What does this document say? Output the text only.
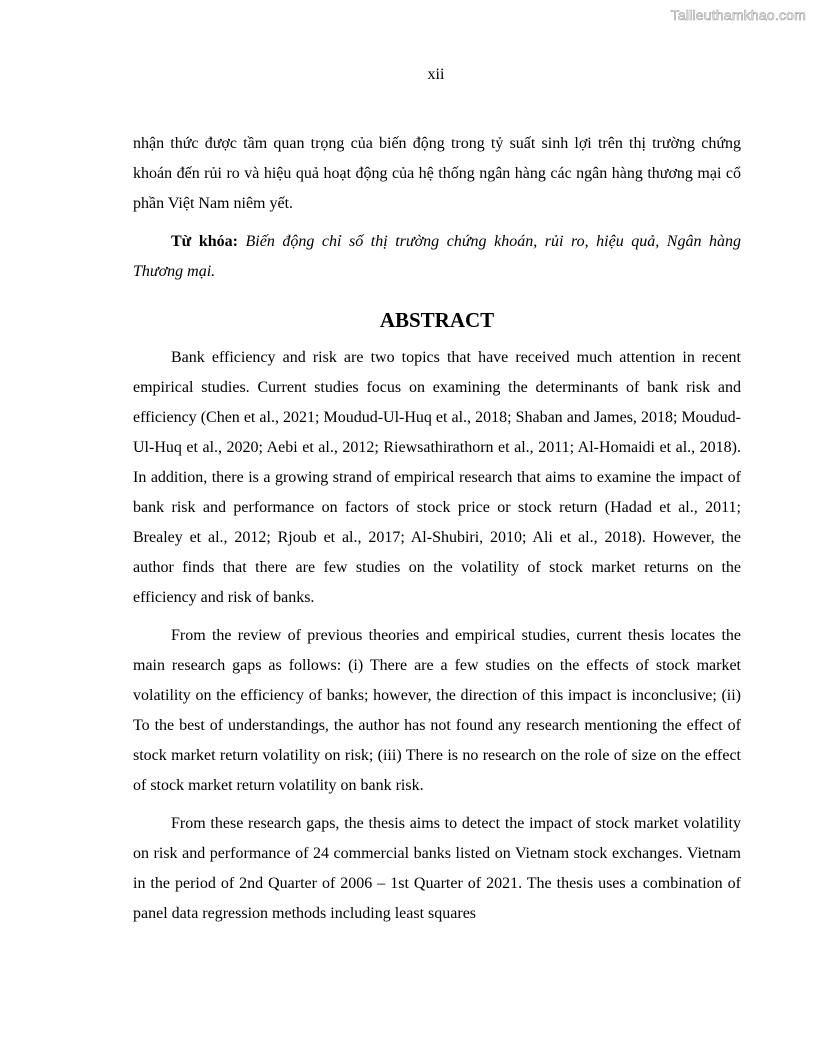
Tailieuthamkhao.com
xii

nhận thức được tầm quan trọng của biến động trong tỷ suất sinh lợi trên thị trường chứng khoán đến rủi ro và hiệu quả hoạt động của hệ thống ngân hàng các ngân hàng thương mại cổ phần Việt Nam niêm yết.

Từ khóa: Biến động chỉ số thị trường chứng khoán, rủi ro, hiệu quả, Ngân hàng Thương mại.

ABSTRACT

Bank efficiency and risk are two topics that have received much attention in recent empirical studies. Current studies focus on examining the determinants of bank risk and efficiency (Chen et al., 2021; Moudud-Ul-Huq et al., 2018; Shaban and James, 2018; Moudud- Ul-Huq et al., 2020; Aebi et al., 2012; Riewsathirathorn et al., 2011; Al-Homaidi et al., 2018). In addition, there is a growing strand of empirical research that aims to examine the impact of bank risk and performance on factors of stock price or stock return (Hadad et al., 2011; Brealey et al., 2012; Rjoub et al., 2017; Al-Shubiri, 2010; Ali et al., 2018). However, the author finds that there are few studies on the volatility of stock market returns on the efficiency and risk of banks.

From the review of previous theories and empirical studies, current thesis locates the main research gaps as follows: (i) There are a few studies on the effects of stock market volatility on the efficiency of banks; however, the direction of this impact is inconclusive; (ii) To the best of understandings, the author has not found any research mentioning the effect of stock market return volatility on risk; (iii) There is no research on the role of size on the effect of stock market return volatility on bank risk.

From these research gaps, the thesis aims to detect the impact of stock market volatility on risk and performance of 24 commercial banks listed on Vietnam stock exchanges. Vietnam in the period of 2nd Quarter of 2006 – 1st Quarter of 2021. The thesis uses a combination of panel data regression methods including least squares
